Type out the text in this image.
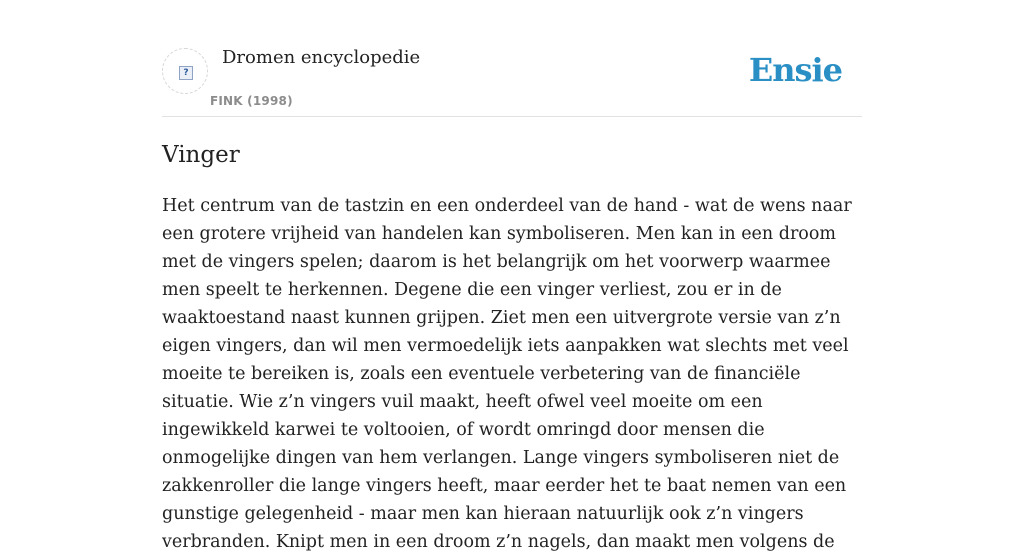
?
Dromen encyclopedie
FINK (1998)
Ensie
Vinger

Het centrum van de tastzin en een onderdeel van de hand - wat de wens naar een grotere vrijheid van handelen kan symboliseren. Men kan in een droom met de vingers spelen; daarom is het belangrijk om het voorwerp waarmee men speelt te herkennen. Degene die een vinger verliest, zou er in de waaktoestand naast kunnen grijpen. Ziet men een uitvergrote versie van z’n eigen vingers, dan wil men vermoedelijk iets aanpakken wat slechts met veel moeite te bereiken is, zoals een eventuele verbetering van de financiële situatie. Wie z’n vingers vuil maakt, heeft ofwel veel moeite om een ingewikkeld karwei te voltooien, of wordt omringd door mensen die onmogelijke dingen van hem verlangen. Lange vingers symboliseren niet de zakkenroller die lange vingers heeft, maar eerder het te baat nemen van een gunstige gelegenheid - maar men kan hieraan natuurlijk ook z’n vingers verbranden. Knipt men in een droom z’n nagels, dan maakt men volgens de
